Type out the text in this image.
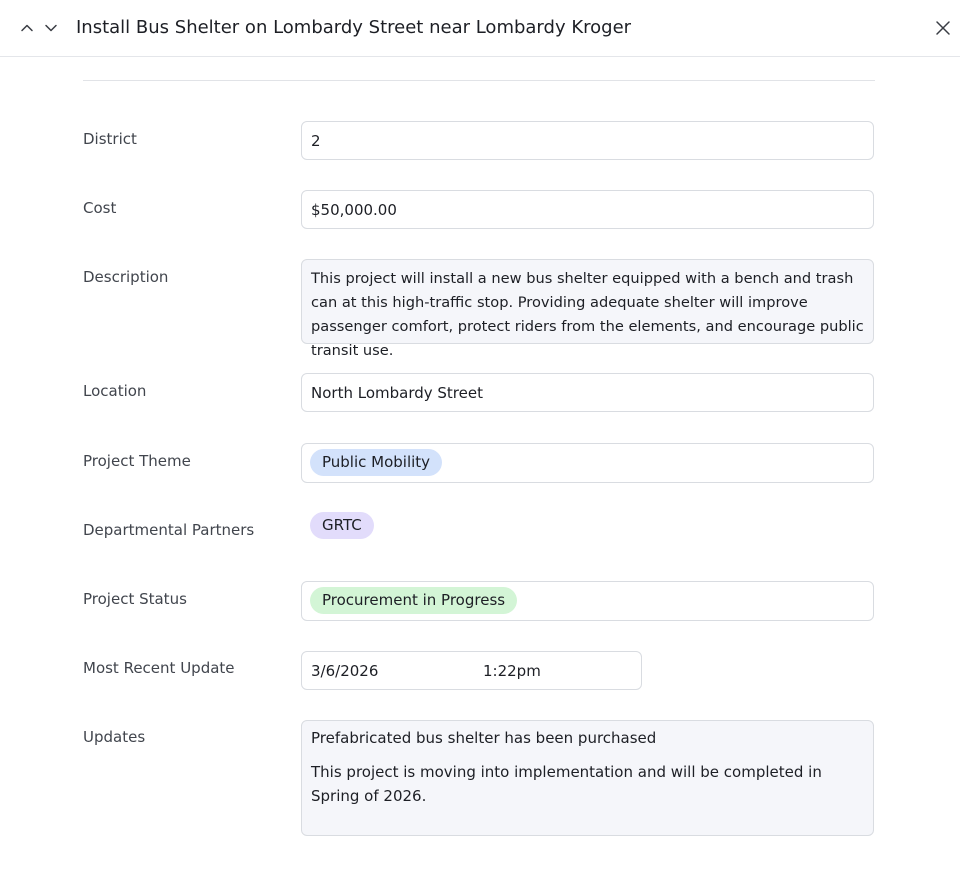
Install Bus Shelter on Lombardy Street near Lombardy Kroger
District	2
Cost	$50,000.00
Description	This project will install a new bus shelter equipped with a bench and trash can at this high-traffic stop. Providing adequate shelter will improve passenger comfort, protect riders from the elements, and encourage public transit use.
Location	North Lombardy Street
Project Theme	Public Mobility
Departmental Partners	GRTC
Project Status	Procurement in Progress
Most Recent Update	3/6/2026	1:22pm
Updates	Prefabricated bus shelter has been purchased
This project is moving into implementation and will be completed in Spring of 2026.
